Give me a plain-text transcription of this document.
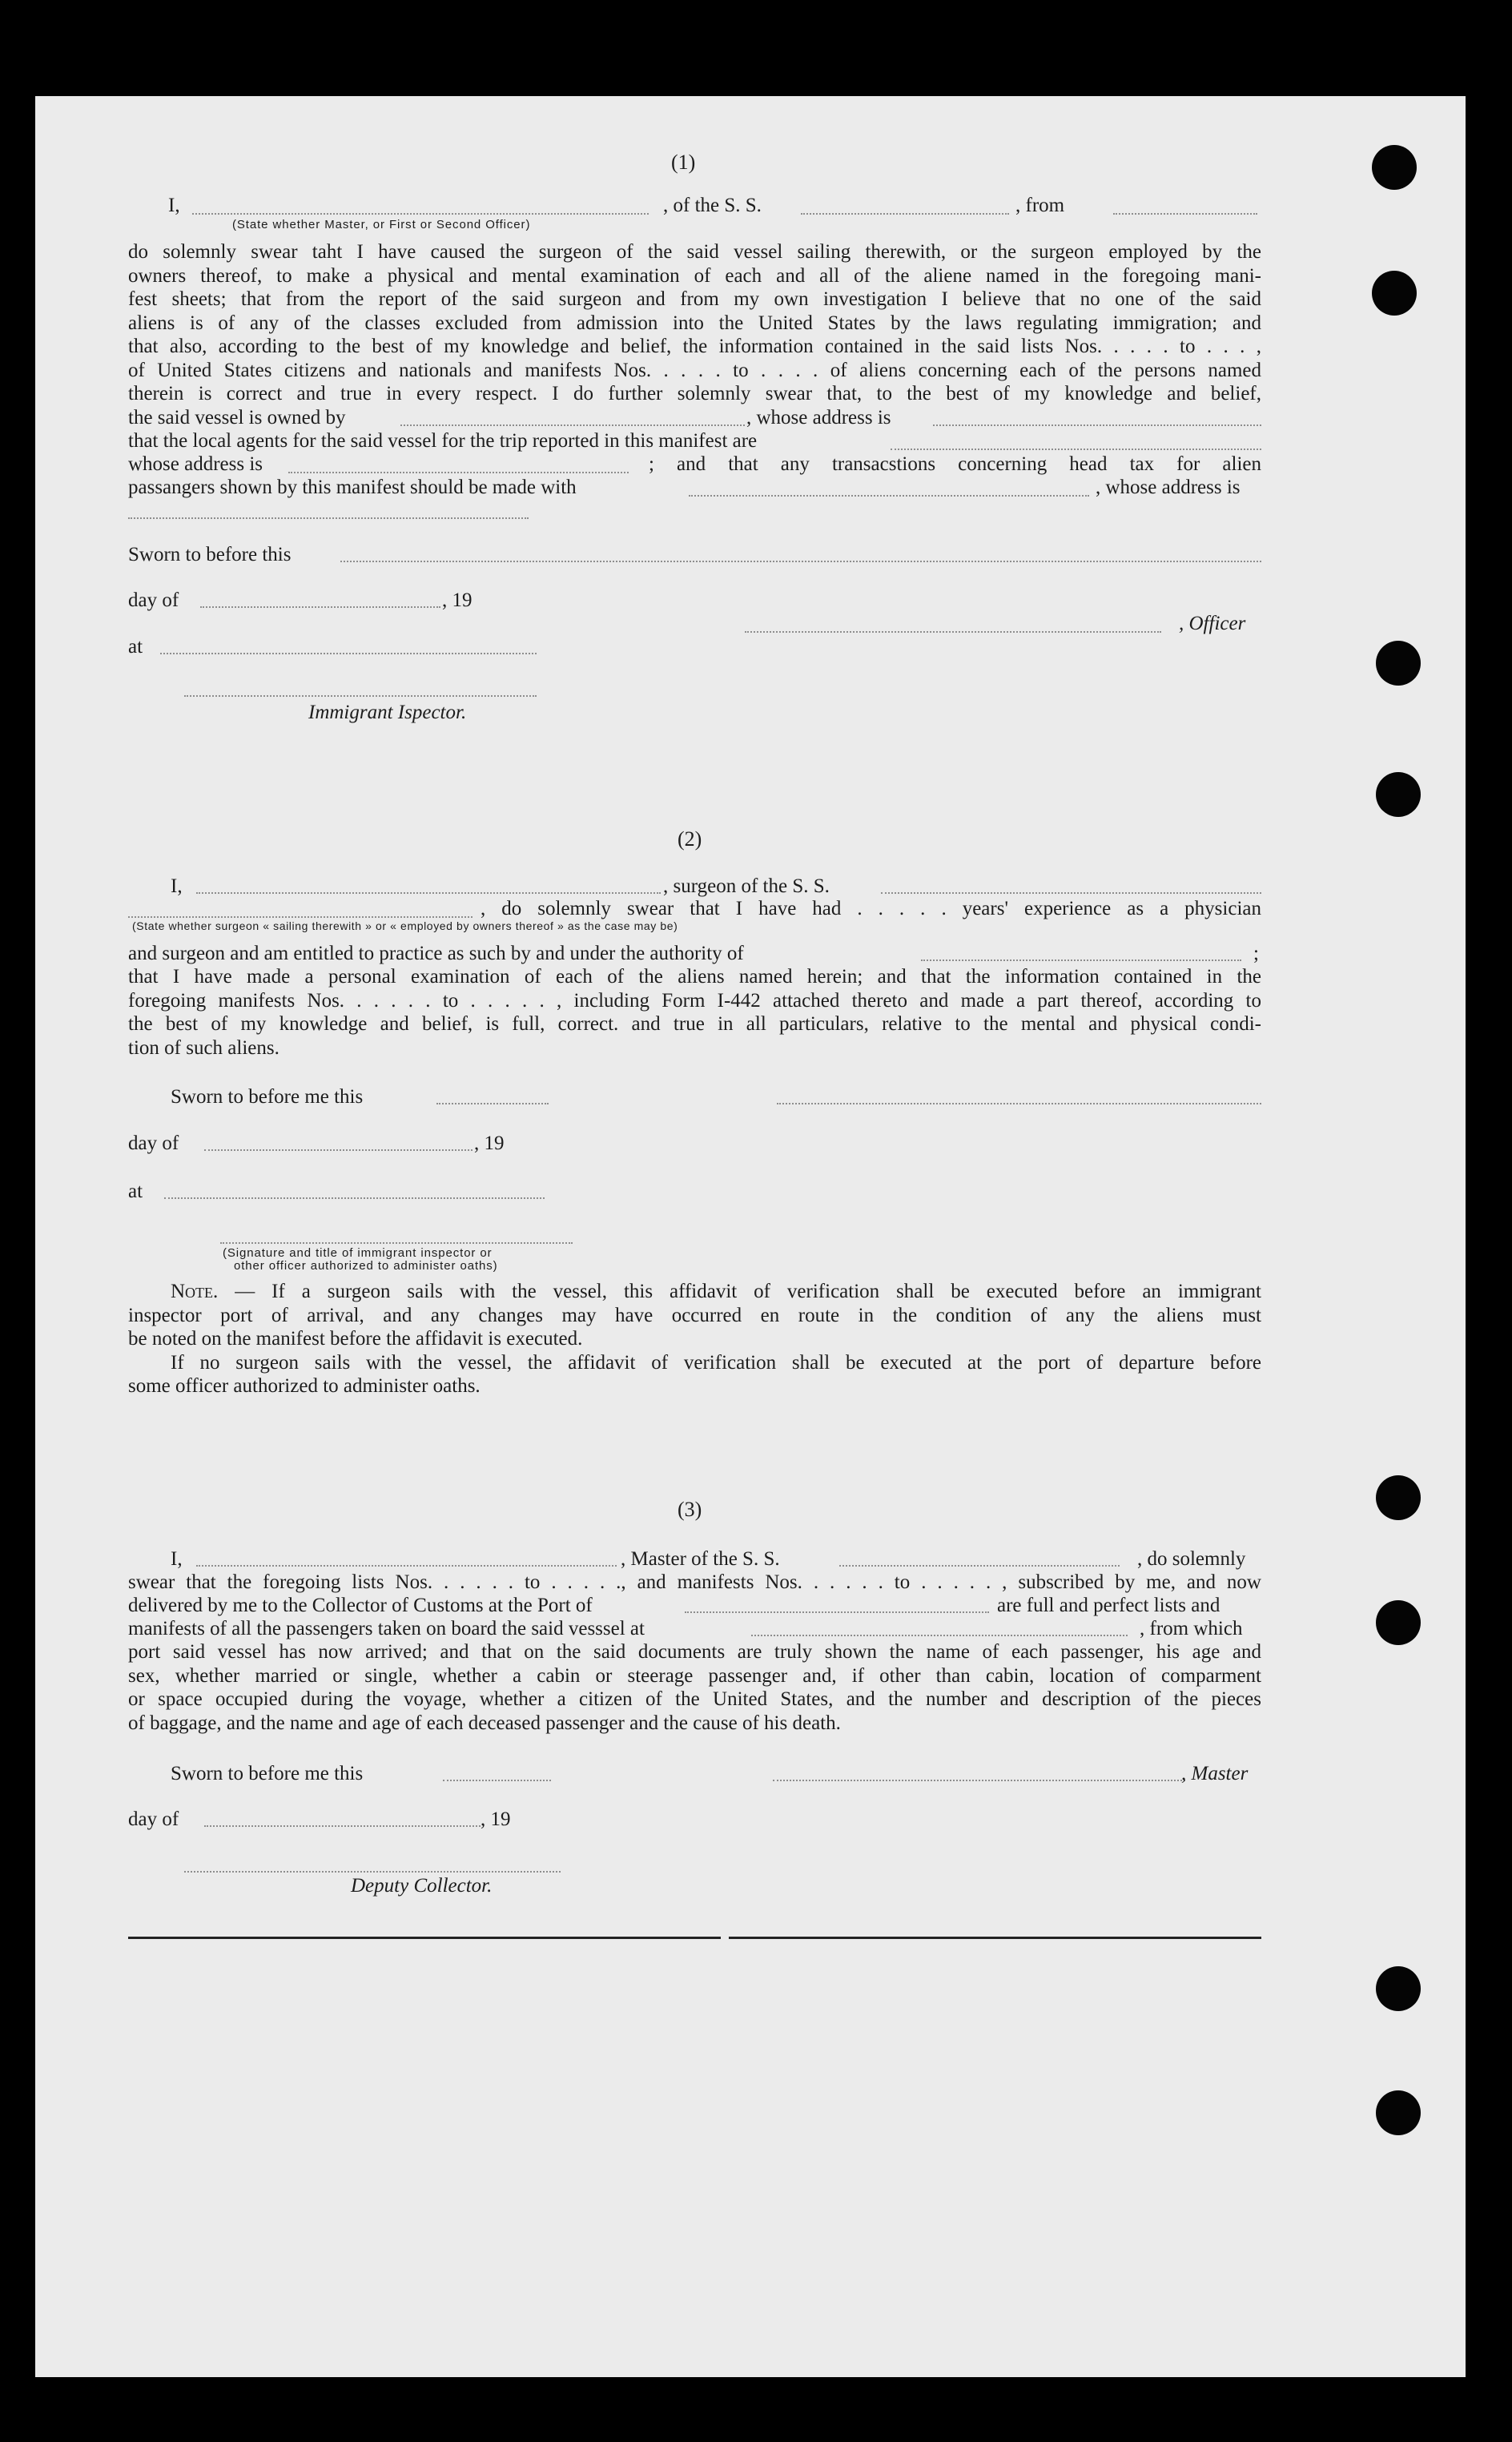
(1)
I,
(State whether Master, or First or Second Officer)
, of the S. S.	, from
do solemnly swear taht I have caused the surgeon of the said vessel sailing therewith, or the surgeon employed by the
owners thereof, to make a physical and mental examination of each and all of the aliene named in the foregoing mani-
fest sheets; that from the report of the said surgeon and from my own investigation I believe that no one of the said
aliens is of any of the classes excluded from admission into the United States by the laws regulating immigration; and
that also, according to the best of my knowledge and belief, the information contained in the said lists Nos. . . . . to . . . ,
of United States citizens and nationals and manifests Nos. . . . . to . . . . of aliens concerning each of the persons named
therein is correct and true in every respect. I do further solemnly swear that, to the best of my knowledge and belief,
the said vessel is owned by	, whose address is
that the local agents for the said vessel for the trip reported in this manifest are
whose address is	; and that any transacstions concerning head tax for alien
passangers shown by this manifest should be made with	, whose address is
Sworn to before this
day of	, 19
, Officer
at
Immigrant Ispector.
(2)
I,	, surgeon of the S. S.
, do solemnly swear that I have had . . . . . years' experience as a physician
(State whether surgeon « sailing therewith » or « employed by owners thereof » as the case may be)
and surgeon and am entitled to practice as such by and under the authority of	;
that I have made a personal examination of each of the aliens named herein; and that the information contained in the
foregoing manifests Nos. . . . . . to . . . . . , including Form I-442 attached thereto and made a part thereof, according to
the best of my knowledge and belief, is full, correct. and true in all particulars, relative to the mental and physical condi-
tion of such aliens.
Sworn to before me this
day of	, 19
at
(Signature and title of immigrant inspector or
other officer authorized to administer oaths)
Note. — If a surgeon sails with the vessel, this affidavit of verification shall be executed before an immigrant
inspector port of arrival, and any changes may have occurred en route in the condition of any the aliens must
be noted on the manifest before the affidavit is executed.
If no surgeon sails with the vessel, the affidavit of verification shall be executed at the port of departure before
some officer authorized to administer oaths.
(3)
I,	, Master of the S. S.	, do solemnly
swear that the foregoing lists Nos. . . . . . to . . . . ., and manifests Nos. . . . . . to . . . . . , subscribed by me, and now
delivered by me to the Collector of Customs at the Port of	are full and perfect lists and
manifests of all the passengers taken on board the said vesssel at	, from which
port said vessel has now arrived; and that on the said documents are truly shown the name of each passenger, his age and
sex, whether married or single, whether a cabin or steerage passenger and, if other than cabin, location of comparment
or space occupied during the voyage, whether a citizen of the United States, and the number and description of the pieces
of baggage, and the name and age of each deceased passenger and the cause of his death.
Sworn to before me this	, Master
day of	, 19
Deputy Collector.
